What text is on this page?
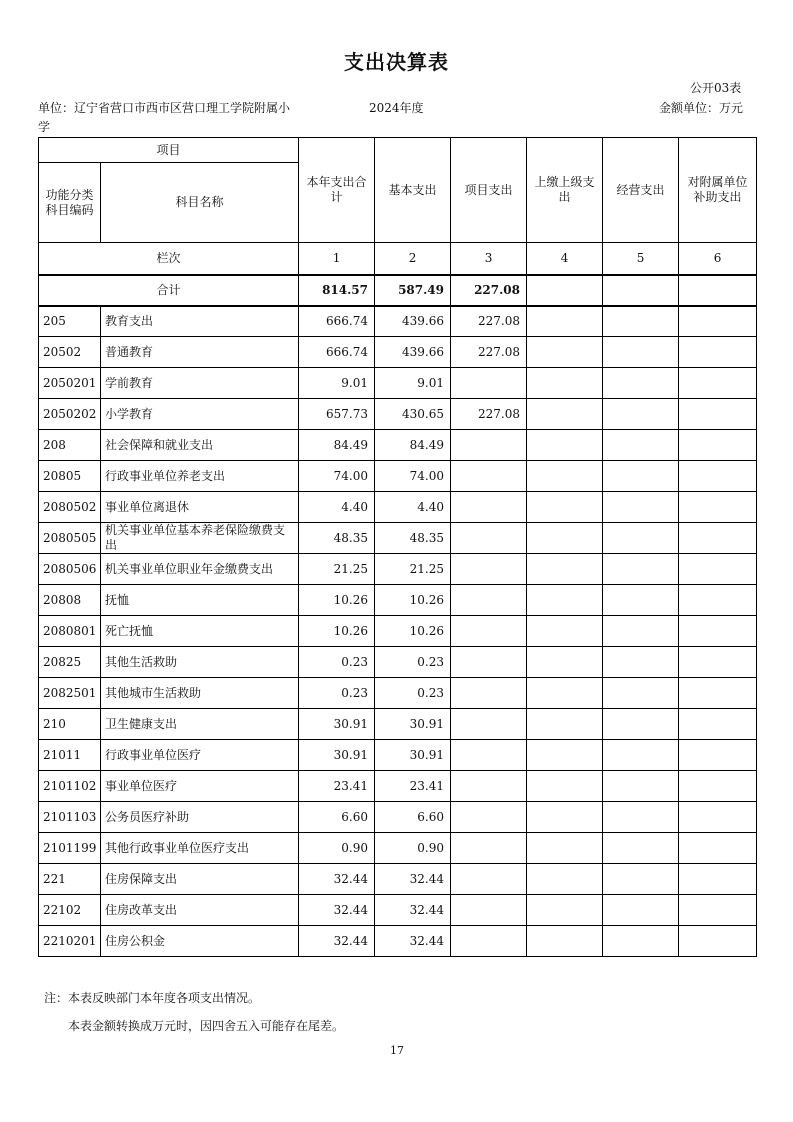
支出决算表
公开03表
单位：辽宁省营口市西市区营口理工学院附属小
学
2024年度	金额单位：万元
项目		本年支出合计	基本支出	项目支出	上缴上级支出	经营支出	对附属单位补助支出
功能分类科目编码	科目名称						
栏次		1	2	3	4	5	6
合计		814.57	587.49	227.08			
205	教育支出	666.74	439.66	227.08			
20502	普通教育	666.74	439.66	227.08			
2050201	学前教育	9.01	9.01				
2050202	小学教育	657.73	430.65	227.08			
208	社会保障和就业支出	84.49	84.49				
20805	行政事业单位养老支出	74.00	74.00				
2080502	事业单位离退休	4.40	4.40				
2080505	机关事业单位基本养老保险缴费支出	48.35	48.35				
2080506	机关事业单位职业年金缴费支出	21.25	21.25				
20808	抚恤	10.26	10.26				
2080801	死亡抚恤	10.26	10.26				
20825	其他生活救助	0.23	0.23				
2082501	其他城市生活救助	0.23	0.23				
210	卫生健康支出	30.91	30.91				
21011	行政事业单位医疗	30.91	30.91				
2101102	事业单位医疗	23.41	23.41				
2101103	公务员医疗补助	6.60	6.60				
2101199	其他行政事业单位医疗支出	0.90	0.90				
221	住房保障支出	32.44	32.44				
22102	住房改革支出	32.44	32.44				
2210201	住房公积金	32.44	32.44				
注：本表反映部门本年度各项支出情况。
本表金额转换成万元时，因四舍五入可能存在尾差。
17
